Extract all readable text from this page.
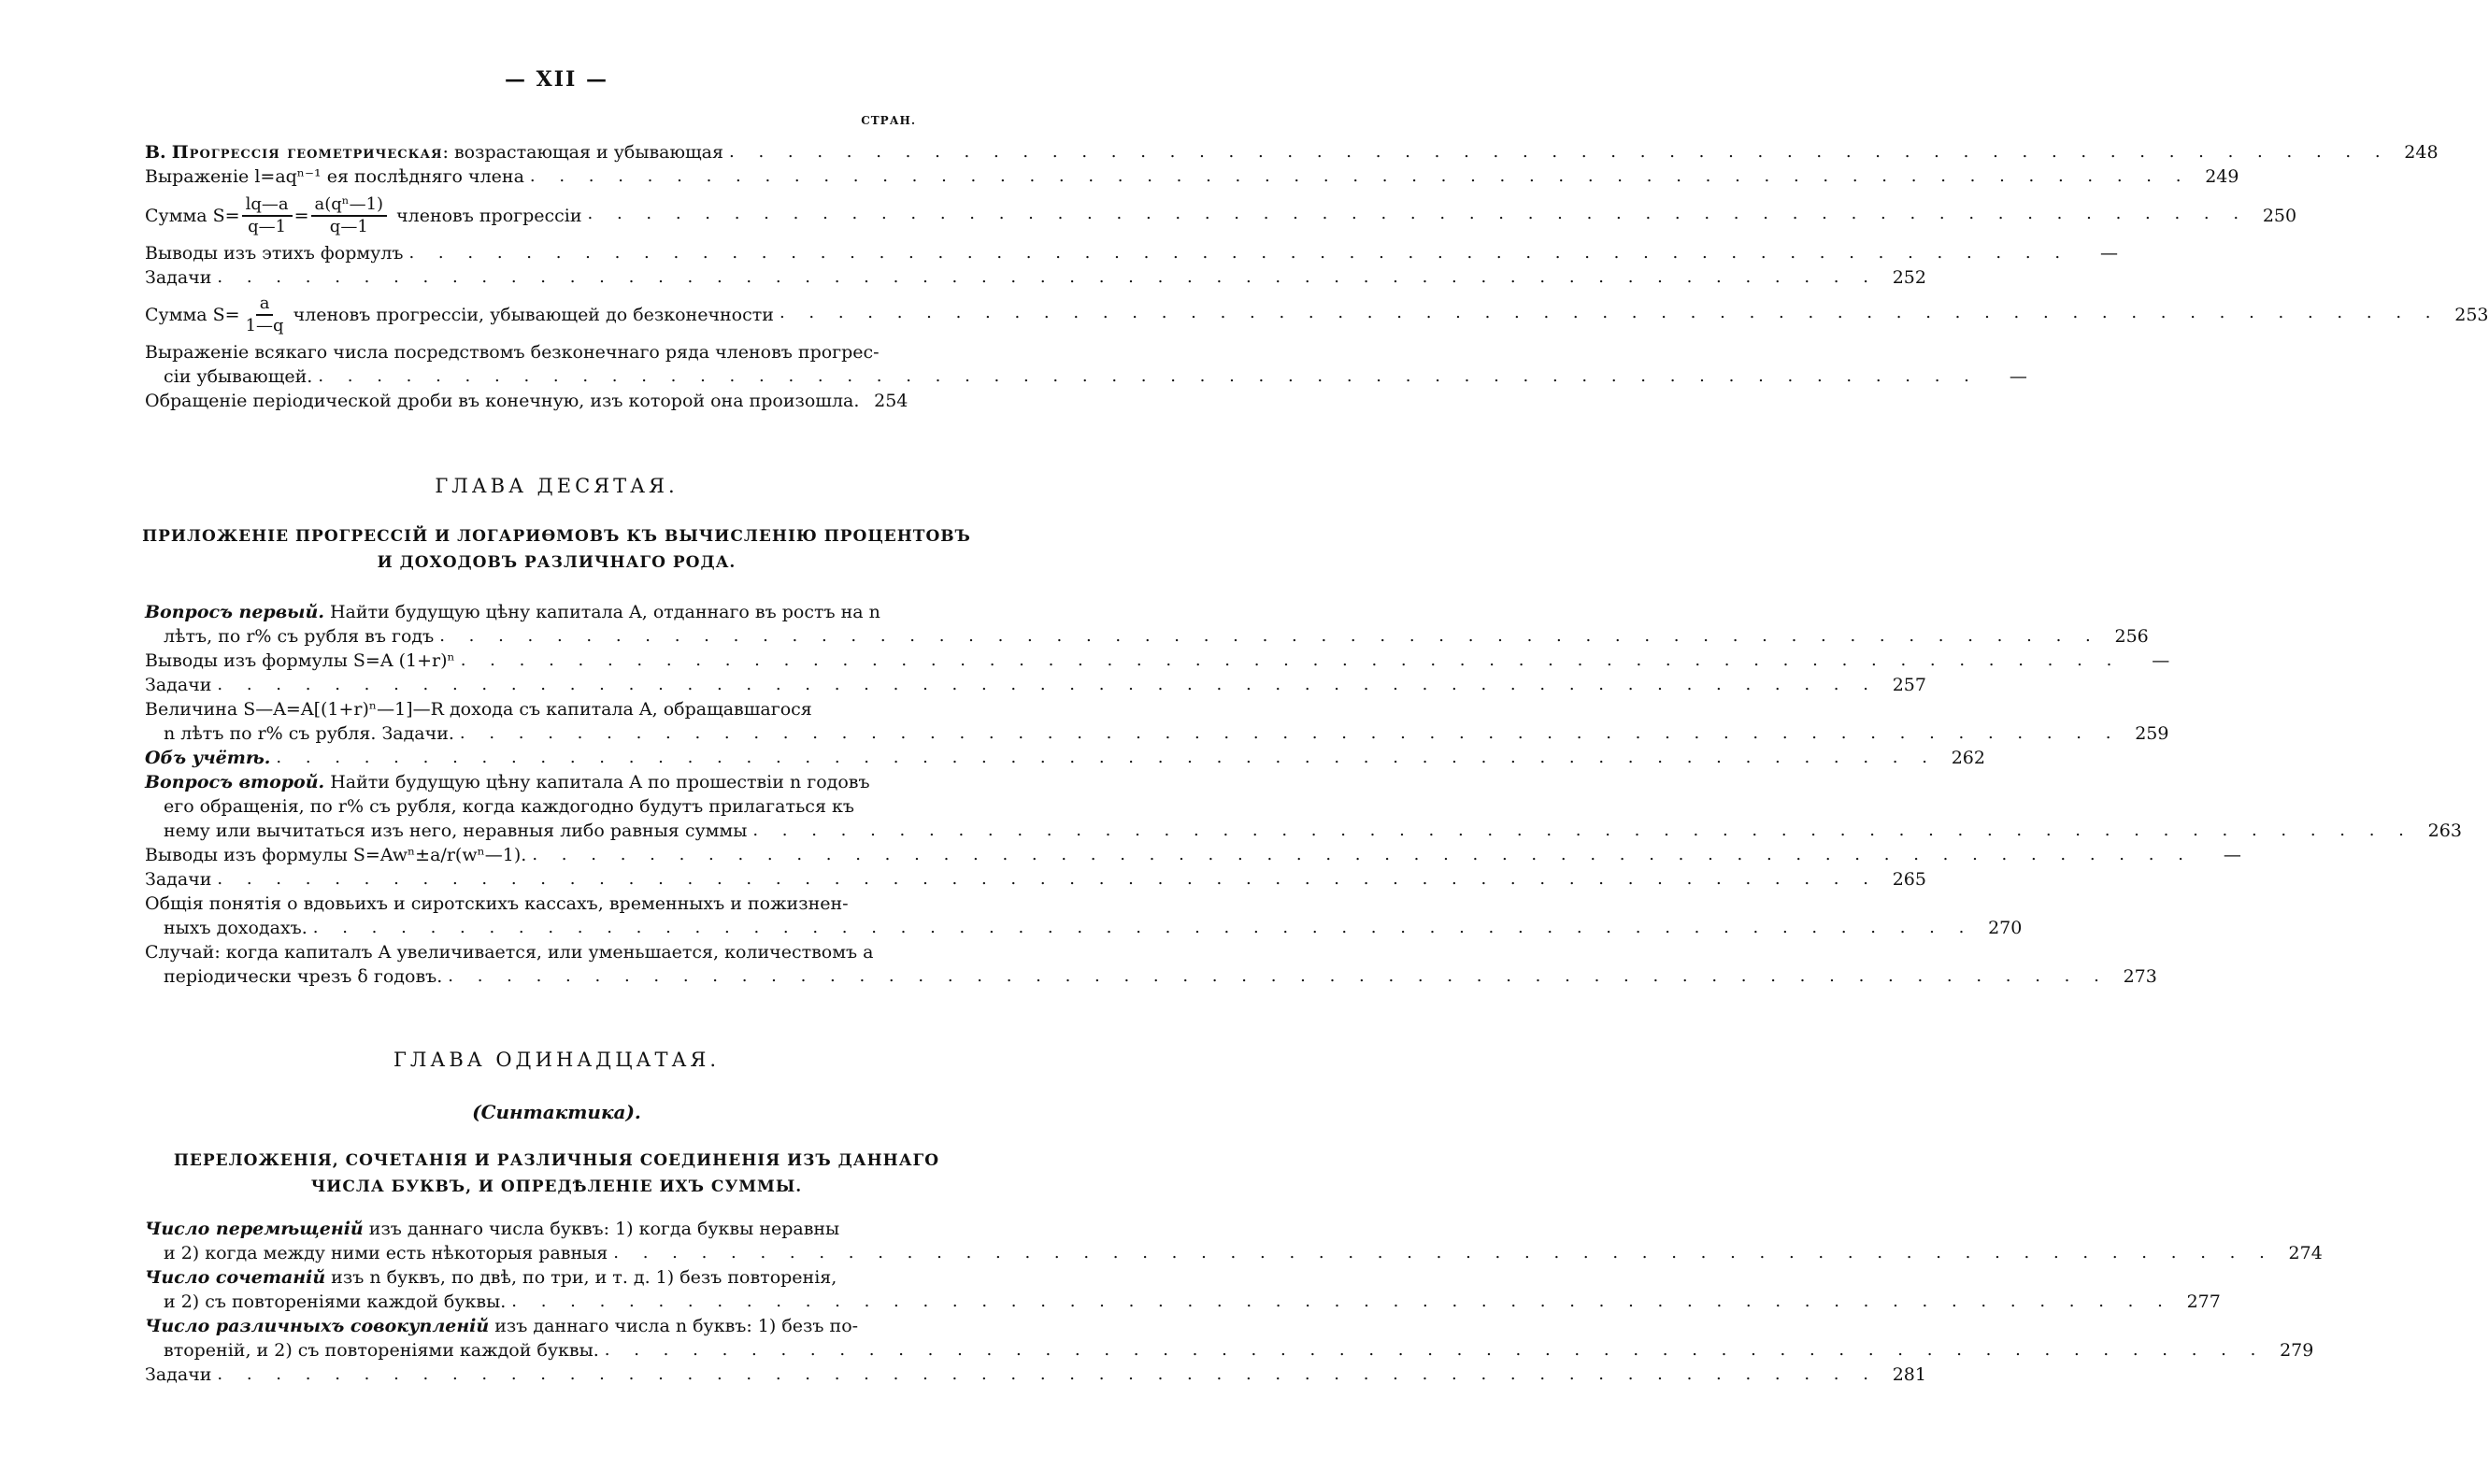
— XII —
СТРАН.
В. Прогрессія геометрическая: возрастающая и убывающая . . . . . . . . . . . . . . . . . . . . . . . . . . . . . . . . . . . . . . . . . . . . . . . . . . . . . . . . . 248
Выраженіе l=aqⁿ⁻¹ ея послѣдняго члена . . . . . . . . . . . . . . . . . . . . . . . . . . . . . . . . . . . . . . . . . . . . . . . . . . . . . . . . . 249
Сумма $S= \frac{lq—a}{q—1} = \frac{\text{a(qⁿ—1)}}{q—1}$ членовъ прогрессіи . . . . . . . . . . . . . . . . . . . . . . . . . . . . . . . . . . . . . . . . . . . . . . . . . . . . . . . . . 250
Выводы изъ этихъ формулъ . . . . . . . . . . . . . . . . . . . . . . . . . . . . . . . . . . . . . . . . . . . . . . . . . . . . . . . . .	—
Задачи . . . . . . . . . . . . . . . . . . . . . . . . . . . . . . . . . . . . . . . . . . . . . . . . . . . . . . . . . 252
Сумма $S= \frac{a}{1—q}$ членовъ прогрессіи, убывающей до безконечности . . . . . . . . . . . . . . . . . . . . . . . . . . . . . . . . . . . . . . . . . . . . . . . . . . . . . . . . . 253
Выраженіе всякаго числа посредствомъ безконечнаго ряда членовъ прогрес-
сіи убывающей. . . . . . . . . . . . . . . . . . . . . . . . . . . . . . . . . . . . . . . . . . . . . . . . . . . . . . . . . .	—
Обращеніе періодической дроби въ конечную, изъ которой она произошла. 254
ГЛАВА ДЕСЯТАЯ.
ПРИЛОЖЕНІЕ ПРОГРЕССІЙ И ЛОГАРИѲМОВЪ КЪ ВЫЧИСЛЕНІЮ ПРОЦЕНТОВЪ
И ДОХОДОВЪ РАЗЛИЧНАГО РОДА.
Вопросъ первый. Найти будущую цѣну капитала A, отданнаго въ ростъ на n
лѣтъ, по r% съ рубля въ годъ . . . . . . . . . . . . . . . . . . . . . . . . . . . . . . . . . . . . . . . . . . . . . . . . . . . . . . . . . 256
Выводы изъ формулы S=A (1+r)ⁿ . . . . . . . . . . . . . . . . . . . . . . . . . . . . . . . . . . . . . . . . . . . . . . . . . . . . . . . . .	—
Задачи . . . . . . . . . . . . . . . . . . . . . . . . . . . . . . . . . . . . . . . . . . . . . . . . . . . . . . . . . 257
Величина S—A=A[(1+r)ⁿ—1]—R дохода съ капитала A, обращавшагося
n лѣтъ по r% съ рубля. Задачи. . . . . . . . . . . . . . . . . . . . . . . . . . . . . . . . . . . . . . . . . . . . . . . . . . . . . . . . . . 259
Объ учётѣ. . . . . . . . . . . . . . . . . . . . . . . . . . . . . . . . . . . . . . . . . . . . . . . . . . . . . . . . . . 262
Вопросъ второй. Найти будущую цѣну капитала A по прошествіи n годовъ
его обращенія, по r% съ рубля, когда каждогодно будутъ прилагаться къ
нему или вычитаться изъ него, неравныя либо равныя суммы . . . . . . . . . . . . . . . . . . . . . . . . . . . . . . . . . . . . . . . . . . . . . . . . . . . . . . . . . 263
Выводы изъ формулы S=Awⁿ±a/r(wⁿ—1). . . . . . . . . . . . . . . . . . . . . . . . . . . . . . . . . . . . . . . . . . . . . . . . . . . . . . . . . .	—
Задачи . . . . . . . . . . . . . . . . . . . . . . . . . . . . . . . . . . . . . . . . . . . . . . . . . . . . . . . . . 265
Общія понятія о вдовьихъ и сиротскихъ кассахъ, временныхъ и пожизнен-
ныхъ доходахъ. . . . . . . . . . . . . . . . . . . . . . . . . . . . . . . . . . . . . . . . . . . . . . . . . . . . . . . . . . 270
Случай: когда капиталъ A увеличивается, или уменьшается, количествомъ a
періодически чрезъ δ годовъ. . . . . . . . . . . . . . . . . . . . . . . . . . . . . . . . . . . . . . . . . . . . . . . . . . . . . . . . . . 273
ГЛАВА ОДИНАДЦАТАЯ.
(Синтактика).
ПЕРЕЛОЖЕНІЯ, СОЧЕТАНІЯ И РАЗЛИЧНЫЯ СОЕДИНЕНІЯ ИЗЪ ДАННАГО
ЧИСЛА БУКВЪ, И ОПРЕДѢЛЕНІЕ ИХЪ СУММЫ.
Число перемѣщеній изъ даннаго числа буквъ: 1) когда буквы неравны
и 2) когда между ними есть нѣкоторыя равныя . . . . . . . . . . . . . . . . . . . . . . . . . . . . . . . . . . . . . . . . . . . . . . . . . . . . . . . . . 274
Число сочетаній изъ n буквъ, по двѣ, по три, и т. д. 1) безъ повторенія,
и 2) съ повтореніями каждой буквы. . . . . . . . . . . . . . . . . . . . . . . . . . . . . . . . . . . . . . . . . . . . . . . . . . . . . . . . . . 277
Число различныхъ совокупленій изъ даннаго числа n буквъ: 1) безъ по-
вторeній, и 2) съ повтореніями каждой буквы. . . . . . . . . . . . . . . . . . . . . . . . . . . . . . . . . . . . . . . . . . . . . . . . . . . . . . . . . . 279
Задачи . . . . . . . . . . . . . . . . . . . . . . . . . . . . . . . . . . . . . . . . . . . . . . . . . . . . . . . . . 281
